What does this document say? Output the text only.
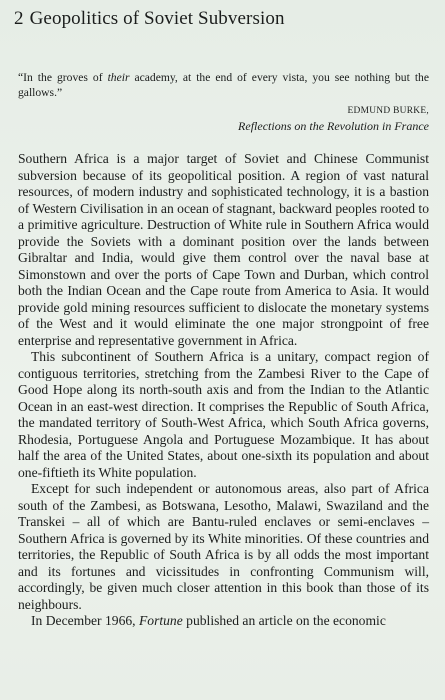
2 Geopolitics of Soviet Subversion
“In the groves of their academy, at the end of every vista, you see nothing but the gallows.”
EDMUND BURKE,
Reflections on the Revolution in France

Southern Africa is a major target of Soviet and Chinese Communist subversion because of its geopolitical position. A region of vast natural resources, of modern industry and sophisticated technology, it is a bastion of Western Civilisation in an ocean of stagnant, backward peoples rooted to a primitive agriculture. Destruction of White rule in Southern Africa would provide the Soviets with a dominant position over the lands between Gibraltar and India, would give them control over the naval base at Simonstown and over the ports of Cape Town and Durban, which control both the Indian Ocean and the Cape route from America to Asia. It would provide gold mining resources sufficient to dislocate the monetary systems of the West and it would eliminate the one major strongpoint of free enterprise and representative government in Africa.

This subcontinent of Southern Africa is a unitary, compact region of contiguous territories, stretching from the Zambesi River to the Cape of Good Hope along its north-south axis and from the Indian to the Atlantic Ocean in an east-west direction. It comprises the Republic of South Africa, the mandated territory of South-West Africa, which South Africa governs, Rhodesia, Portuguese Angola and Portuguese Mozambique. It has about half the area of the United States, about one-sixth its population and about one-fiftieth its White population.

Except for such independent or autonomous areas, also part of Africa south of the Zambesi, as Botswana, Lesotho, Malawi, Swaziland and the Transkei – all of which are Bantu-ruled enclaves or semi-enclaves – Southern Africa is governed by its White minorities. Of these countries and territories, the Republic of South Africa is by all odds the most important and its fortunes and vicissitudes in confronting Communism will, accordingly, be given much closer attention in this book than those of its neighbours.

In December 1966, Fortune published an article on the economic
